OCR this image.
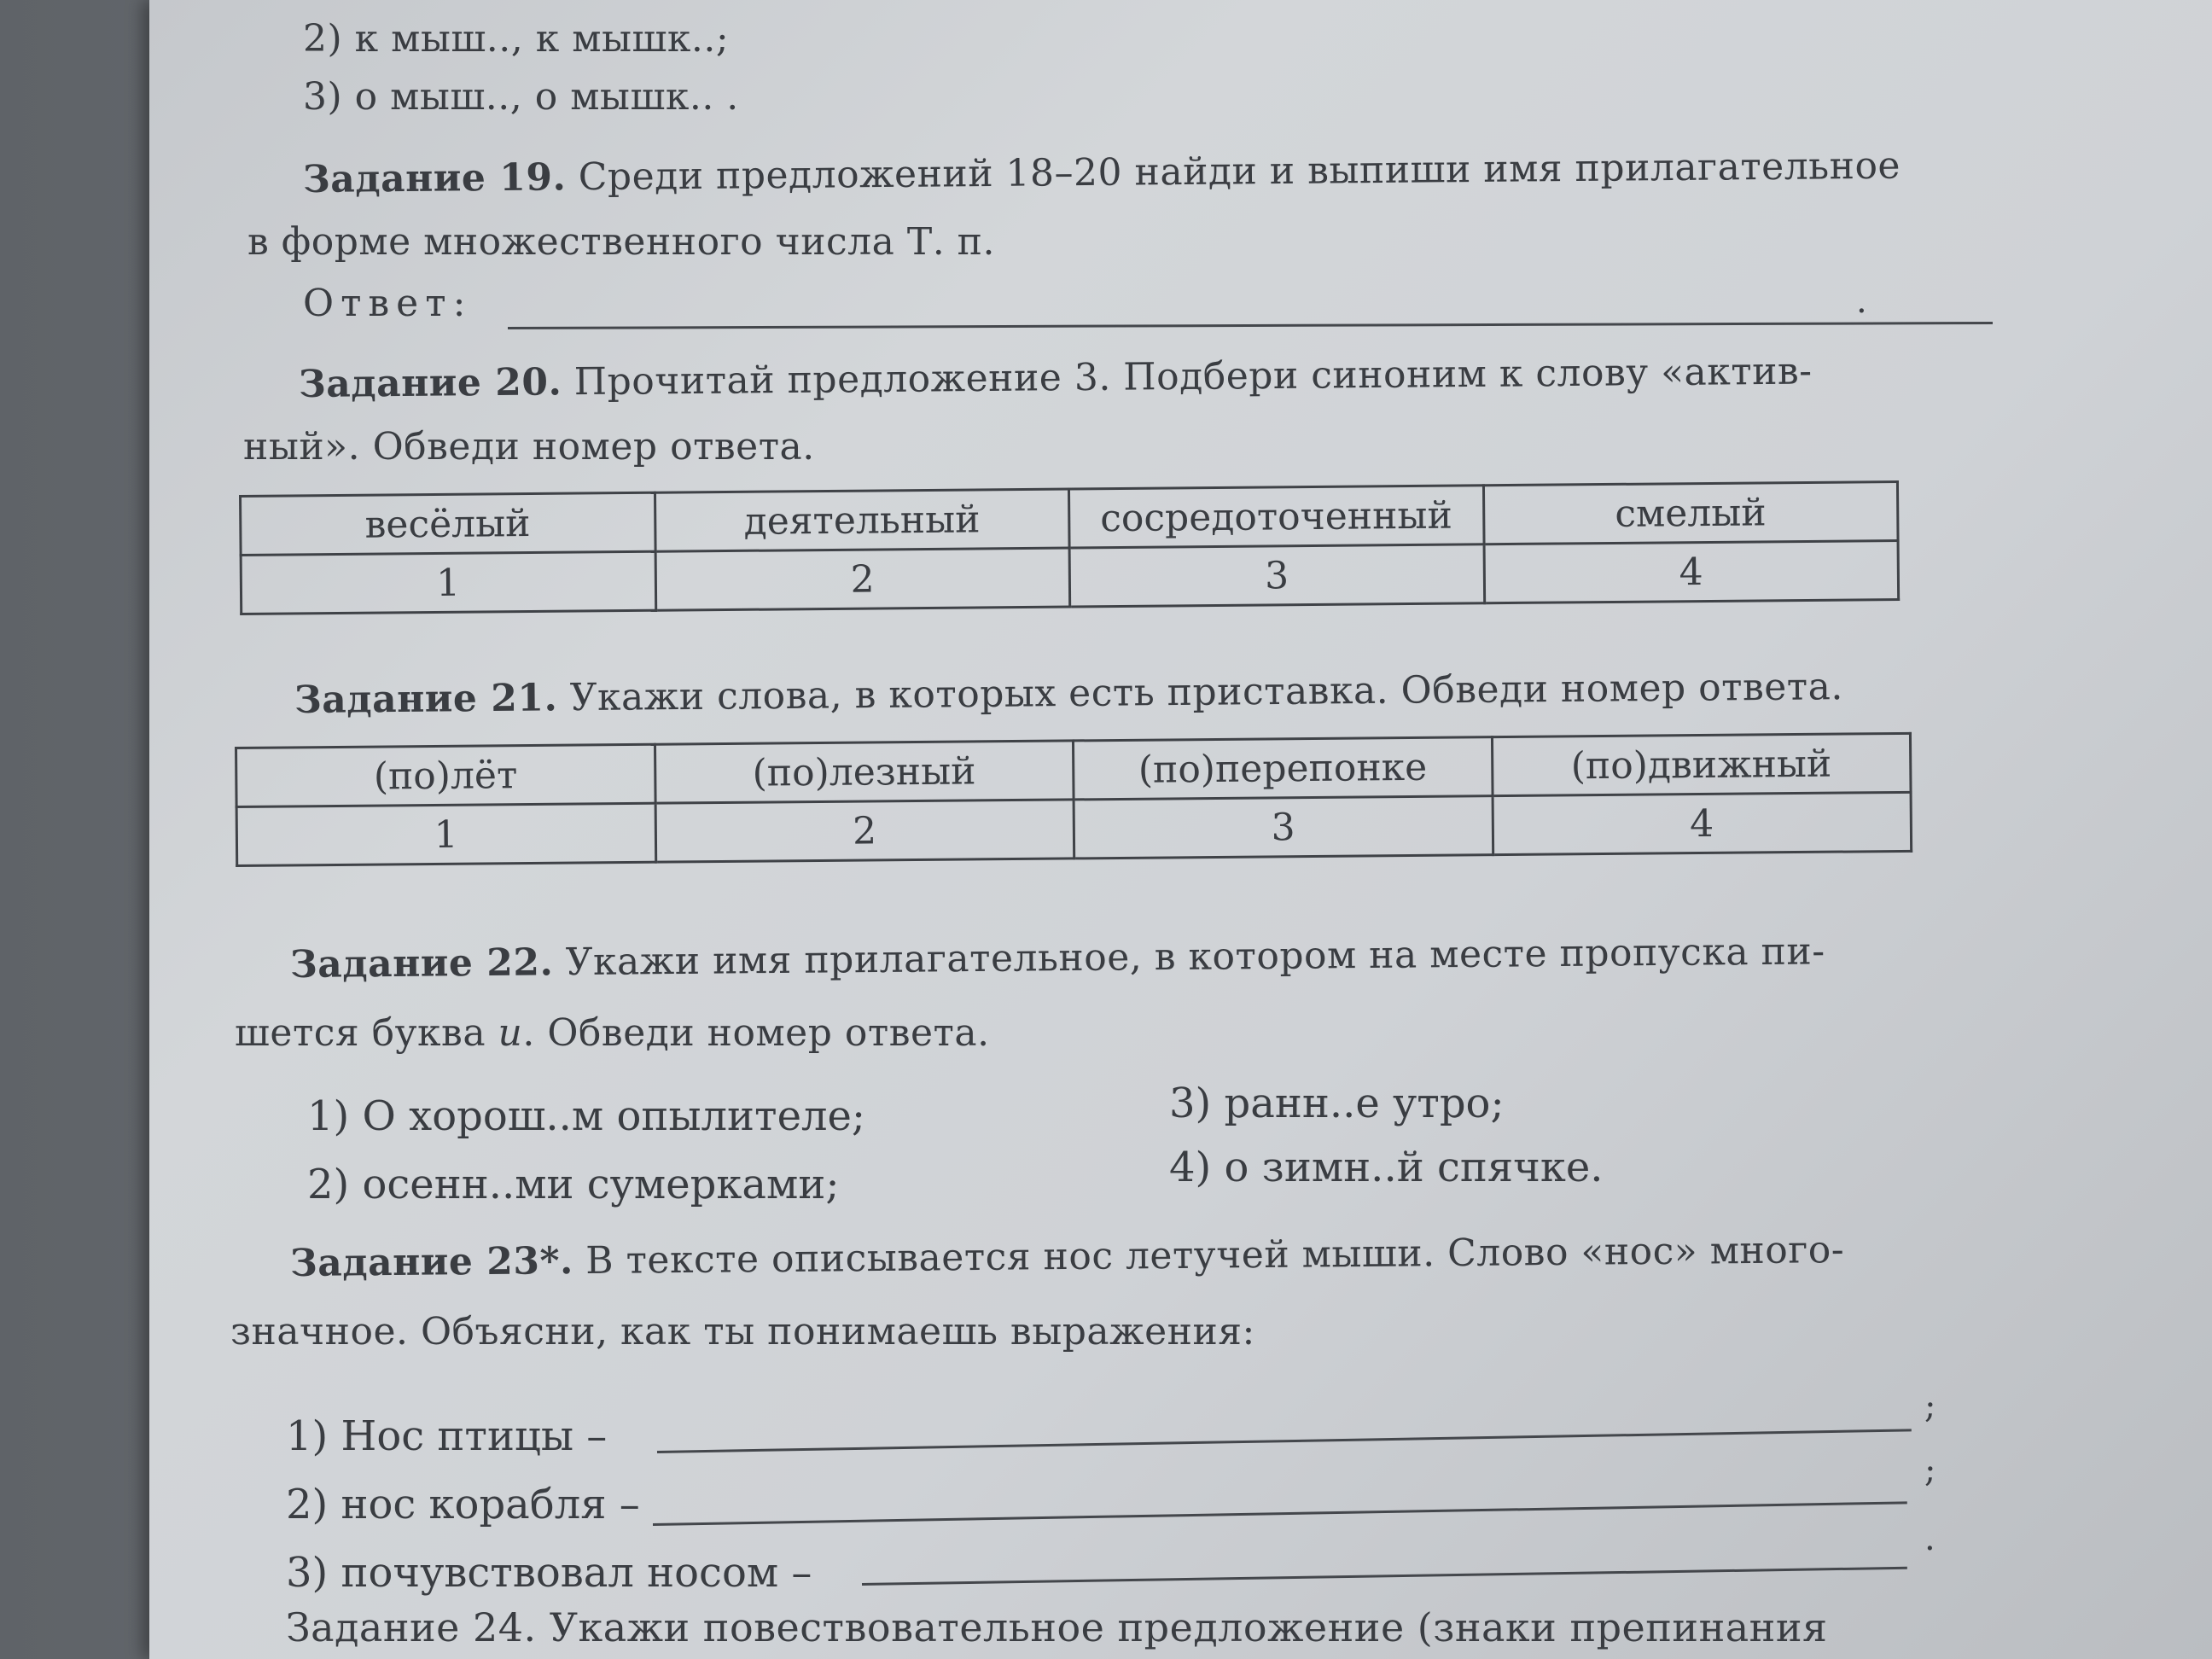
2) к мыш.., к мышк..;
3) о мыш.., о мышк.. .
Задание 19. Среди предложений 18–20 найди и выпиши имя прилагательное
в форме множественного числа Т. п.
Ответ:	.
Задание 20. Прочитай предложение 3. Подбери синоним к слову «актив-
ный». Обведи номер ответа.
весёлый	деятельный	сосредоточенный	смелый
1	2	3	4
Задание 21. Укажи слова, в которых есть приставка. Обведи номер ответа.
(по)лёт	(по)лезный	(по)перепонке	(по)движный
1	2	3	4
Задание 22. Укажи имя прилагательное, в котором на месте пропуска пи-
шется буква и. Обведи номер ответа.
1) О хорош..м опылителе;
2) осенн..ми сумерками;
3) ранн..е утро;
4) о зимн..й спячке.
Задание 23*. В тексте описывается нос летучей мыши. Слово «нос» много-
значное. Объясни, как ты понимаешь выражения:
1) Нос птицы –
;
2) нос корабля –
;
3) почувствовал носом –
.
Задание 24. Укажи повествовательное предложение (знаки препинания
